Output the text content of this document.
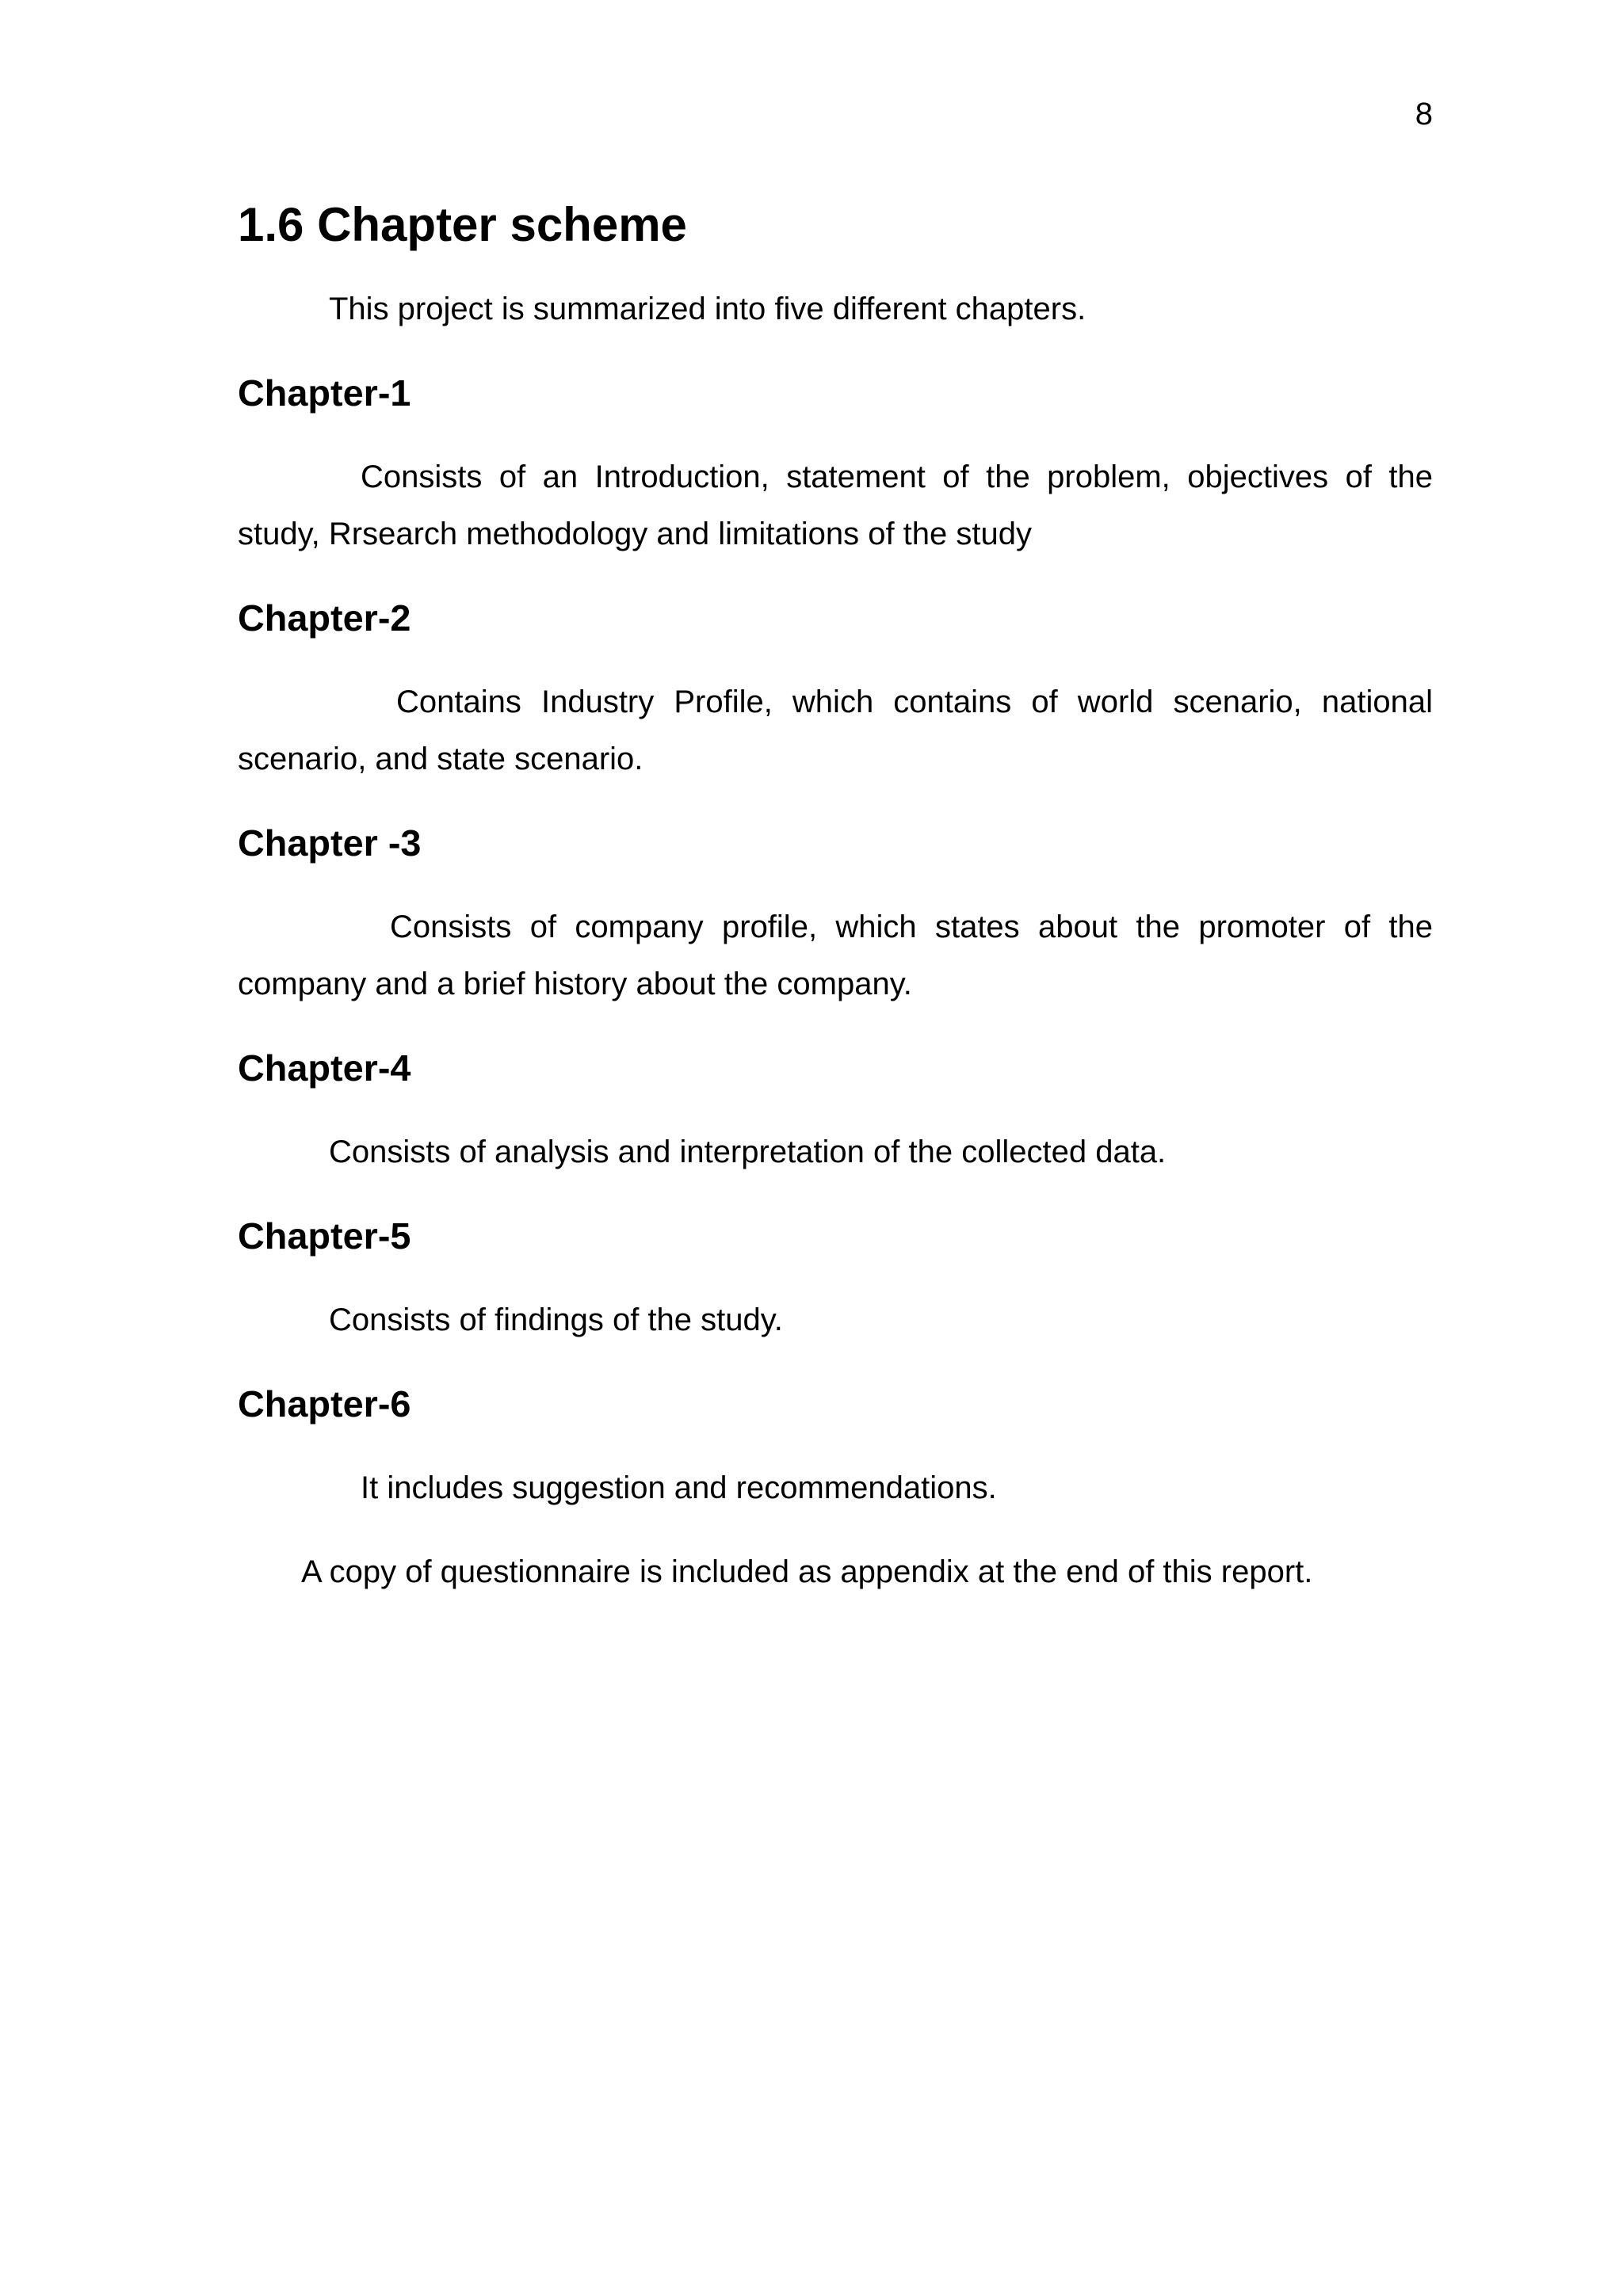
8
1.6 Chapter scheme

This project is summarized into five different chapters.

Chapter-1

Consists of an Introduction, statement of the problem, objectives of the study, Rrsearch methodology and limitations of the study

Chapter-2

Contains Industry Profile, which contains of world scenario, national scenario, and state scenario.

Chapter -3

Consists of company profile, which states about the promoter of the company and a brief history about the company.

Chapter-4

Consists of analysis and interpretation of the collected data.

Chapter-5

Consists of findings of the study.

Chapter-6

It includes suggestion and recommendations.

A copy of questionnaire is included as appendix at the end of this report.
